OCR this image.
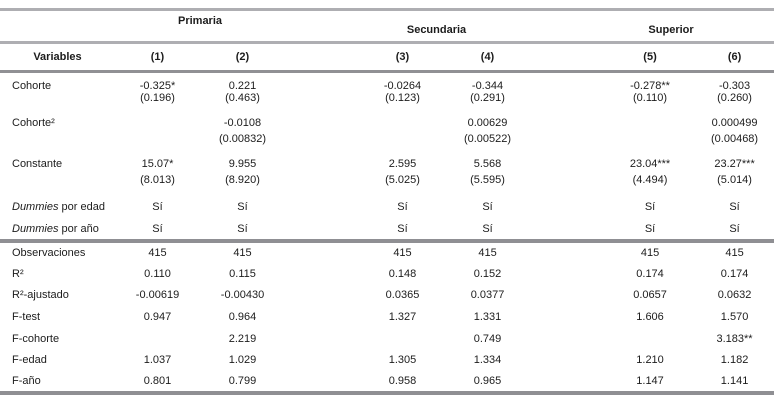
	Primaria		Secundaria			Superior		
Variables	(1)	(2)		(3)	(4)		(5)	(6)
Cohorte	-0.325*	0.221		-0.0264	-0.344		-0.278**	-0.303
	(0.196)	(0.463)		(0.123)	(0.291)		(0.110)	(0.260)
Cohorte²		-0.0108			0.00629			0.000499
		(0.00832)			(0.00522)			(0.00468)
Constante	15.07*	9.955		2.595	5.568		23.04***	23.27***
	(8.013)	(8.920)		(5.025)	(5.595)		(4.494)	(5.014)
Dummies por edad	Sí	Sí		Sí	Sí		Sí	Sí
Dummies por año	Sí	Sí		Sí	Sí		Sí	Sí
Observaciones	415	415		415	415		415	415
R²	0.110	0.115		0.148	0.152		0.174	0.174
R²-ajustado	-0.00619	-0.00430		0.0365	0.0377		0.0657	0.0632
F-test	0.947	0.964		1.327	1.331		1.606	1.570
F-cohorte		2.219			0.749			3.183**
F-edad	1.037	1.029		1.305	1.334		1.210	1.182
F-año	0.801	0.799		0.958	0.965		1.147	1.141
